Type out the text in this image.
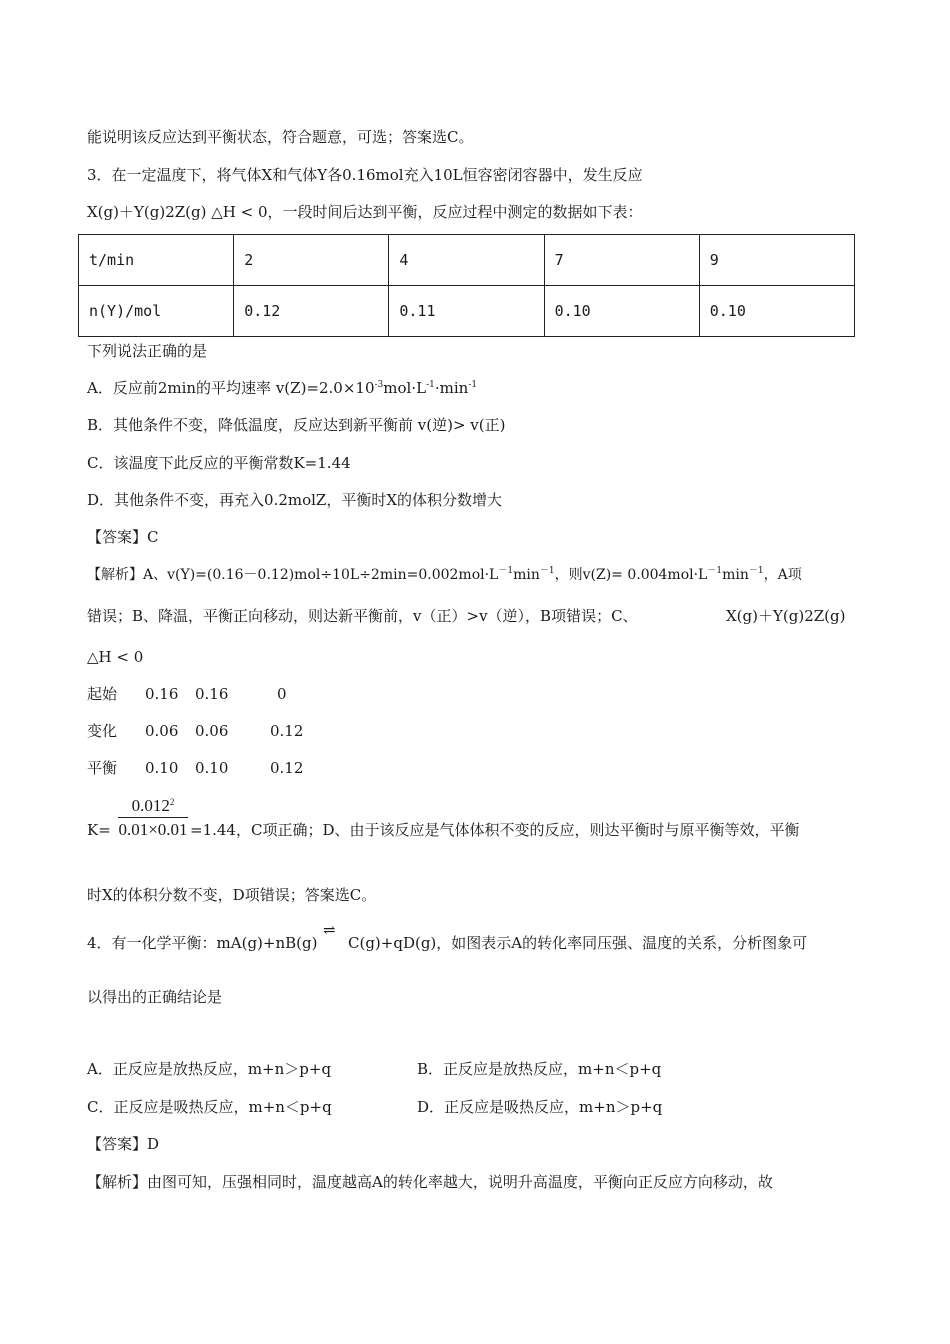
能说明该反应达到平衡状态，符合题意，可选；答案选C。
3．在一定温度下，将气体X和气体Y各0.16mol充入10L恒容密闭容器中，发生反应
X(g)＋Y(g)2Z(g) △H < 0，一段时间后达到平衡，反应过程中测定的数据如下表：
t/min	2	4	7	9
n(Y)/mol	0.12	0.11	0.10	0.10
下列说法正确的是
A．反应前2min的平均速率 $v(Z)=2.0\times 10^{-3}mol\cdot L^{-1}\cdot\min^{-1}$
B．其他条件不变，降低温度，反应达到新平衡前 v(逆)> v(正)
C．该温度下此反应的平衡常数K=1.44
D．其他条件不变，再充入0.2molZ，平衡时X的体积分数增大
【答案】C
【解析】A、$v(Y)=(0.16-0.12)mol\div 10L\div 2\min=0.002mol\cdot L^{-1}\min^{-1}$，则$v(Z)= 0.004mol\cdot L^{-1}\min^{-1}$，A项
错误；B、降温，平衡正向移动，则达新平衡前，v（正）>v（逆），B项错误；C、	X(g)＋Y(g)2Z(g)
△H < 0
起始 0.16 0.16	0
变化 0.06 0.06	0.12
平衡 0.10 0.10	0.12
K=
$0.012^2$
0.01×0.01 =1.44，C项正确；D、由于该反应是气体体积不变的反应，则达平衡时与原平衡等效，平衡
时X的体积分数不变，D项错误；答案选C。
4．有一化学平衡：mA(g)+nB(g)
⇌
C(g)+qD(g)，如图表示A的转化率同压强、温度的关系，分析图象可
以得出的正确结论是
A．正反应是放热反应，m+n＞p+q	B．正反应是放热反应，m+n＜p+q
C．正反应是吸热反应，m+n＜p+q	D．正反应是吸热反应，m+n＞p+q
【答案】D
【解析】由图可知，压强相同时，温度越高A的转化率越大，说明升高温度，平衡向正反应方向移动，故
